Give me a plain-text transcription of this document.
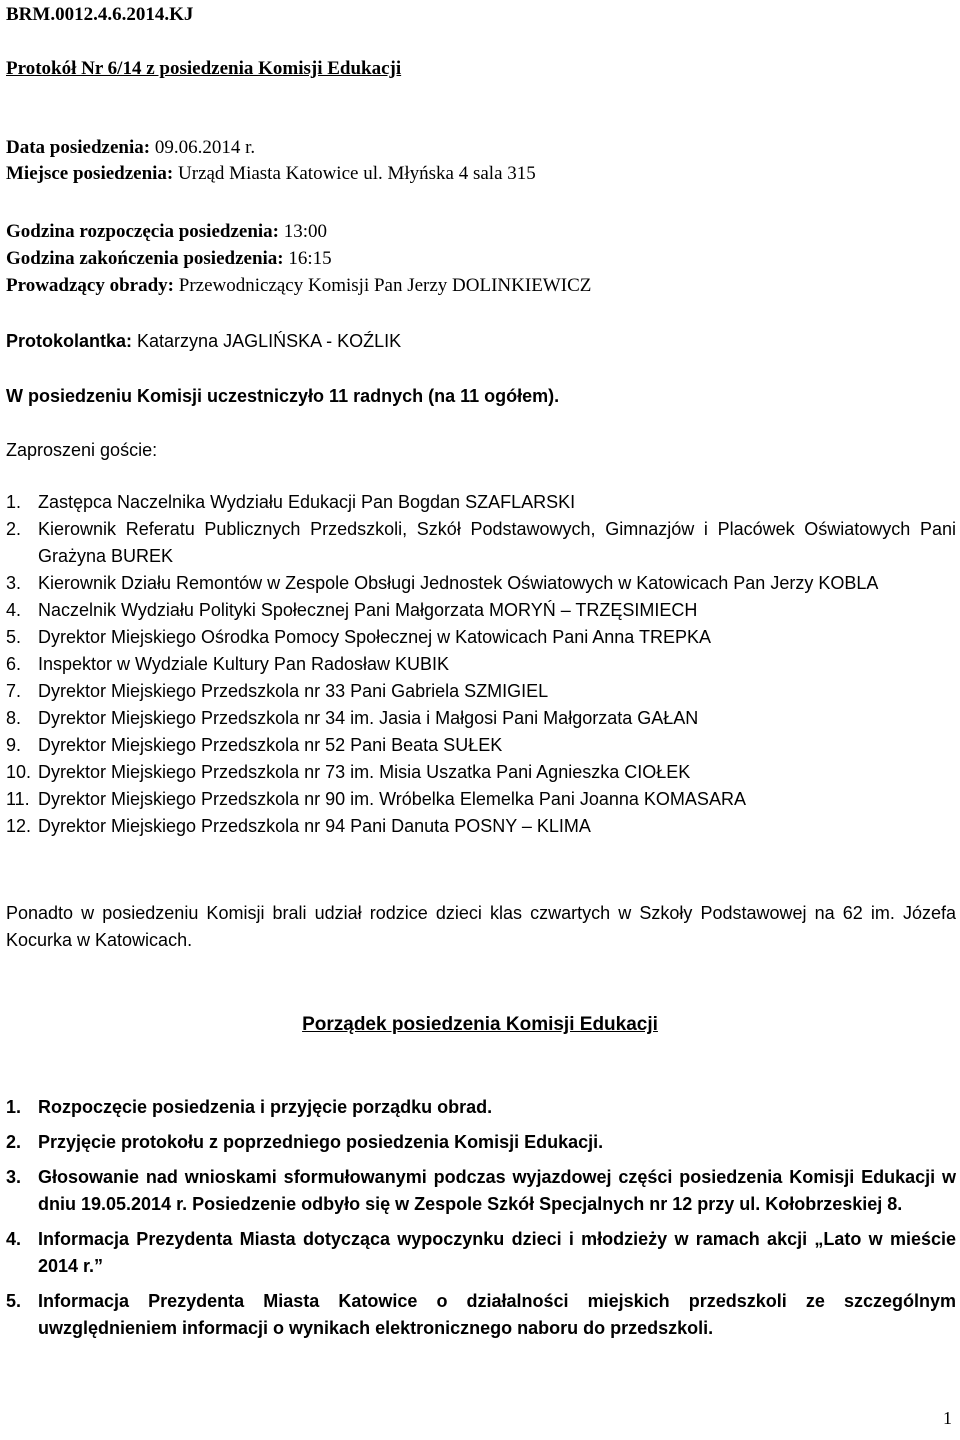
BRM.0012.4.6.2014.KJ
Protokół Nr 6/14 z posiedzenia Komisji Edukacji
Data posiedzenia: 09.06.2014 r.
Miejsce posiedzenia: Urząd Miasta Katowice ul. Młyńska 4 sala 315
Godzina rozpoczęcia posiedzenia: 13:00
Godzina zakończenia posiedzenia: 16:15
Prowadzący obrady: Przewodniczący Komisji Pan Jerzy DOLINKIEWICZ
Protokolantka: Katarzyna JAGLIŃSKA - KOŹLIK
W posiedzeniu Komisji uczestniczyło 11 radnych (na 11 ogółem).
Zaproszeni goście:
1. Zastępca Naczelnika Wydziału Edukacji Pan Bogdan SZAFLARSKI
2. Kierownik Referatu Publicznych Przedszkoli, Szkół Podstawowych, Gimnazjów i Placówek Oświatowych Pani Grażyna BUREK
3. Kierownik Działu Remontów w Zespole Obsługi Jednostek Oświatowych w Katowicach Pan Jerzy KOBLA
4. Naczelnik Wydziału Polityki Społecznej Pani Małgorzata MORYŃ – TRZĘSIMIECH
5. Dyrektor Miejskiego Ośrodka Pomocy Społecznej w Katowicach Pani Anna TREPKA
6. Inspektor w Wydziale Kultury Pan Radosław KUBIK
7. Dyrektor Miejskiego Przedszkola nr 33 Pani Gabriela SZMIGIEL
8. Dyrektor Miejskiego Przedszkola nr 34 im. Jasia i Małgosi Pani Małgorzata GAŁAN
9. Dyrektor Miejskiego Przedszkola nr 52 Pani Beata SUŁEK
10. Dyrektor Miejskiego Przedszkola nr 73 im. Misia Uszatka Pani Agnieszka CIOŁEK
11. Dyrektor Miejskiego Przedszkola nr 90 im. Wróbelka Elemelka Pani Joanna KOMASARA
12. Dyrektor Miejskiego Przedszkola nr 94 Pani Danuta POSNY – KLIMA
Ponadto w posiedzeniu Komisji brali udział rodzice dzieci klas czwartych w Szkoły Podstawowej na 62 im. Józefa Kocurka w Katowicach.
Porządek posiedzenia Komisji Edukacji
1. Rozpoczęcie posiedzenia i przyjęcie porządku obrad.
2. Przyjęcie protokołu z poprzedniego posiedzenia Komisji Edukacji.
3. Głosowanie nad wnioskami sformułowanymi podczas wyjazdowej części posiedzenia Komisji Edukacji w dniu 19.05.2014 r. Posiedzenie odbyło się w Zespole Szkół Specjalnych nr 12 przy ul. Kołobrzeskiej 8.
4. Informacja Prezydenta Miasta dotycząca wypoczynku dzieci i młodzieży w ramach akcji „Lato w mieście 2014 r.”
5. Informacja Prezydenta Miasta Katowice o działalności miejskich przedszkoli ze szczególnym uwzględnieniem informacji o wynikach elektronicznego naboru do przedszkoli.
1
